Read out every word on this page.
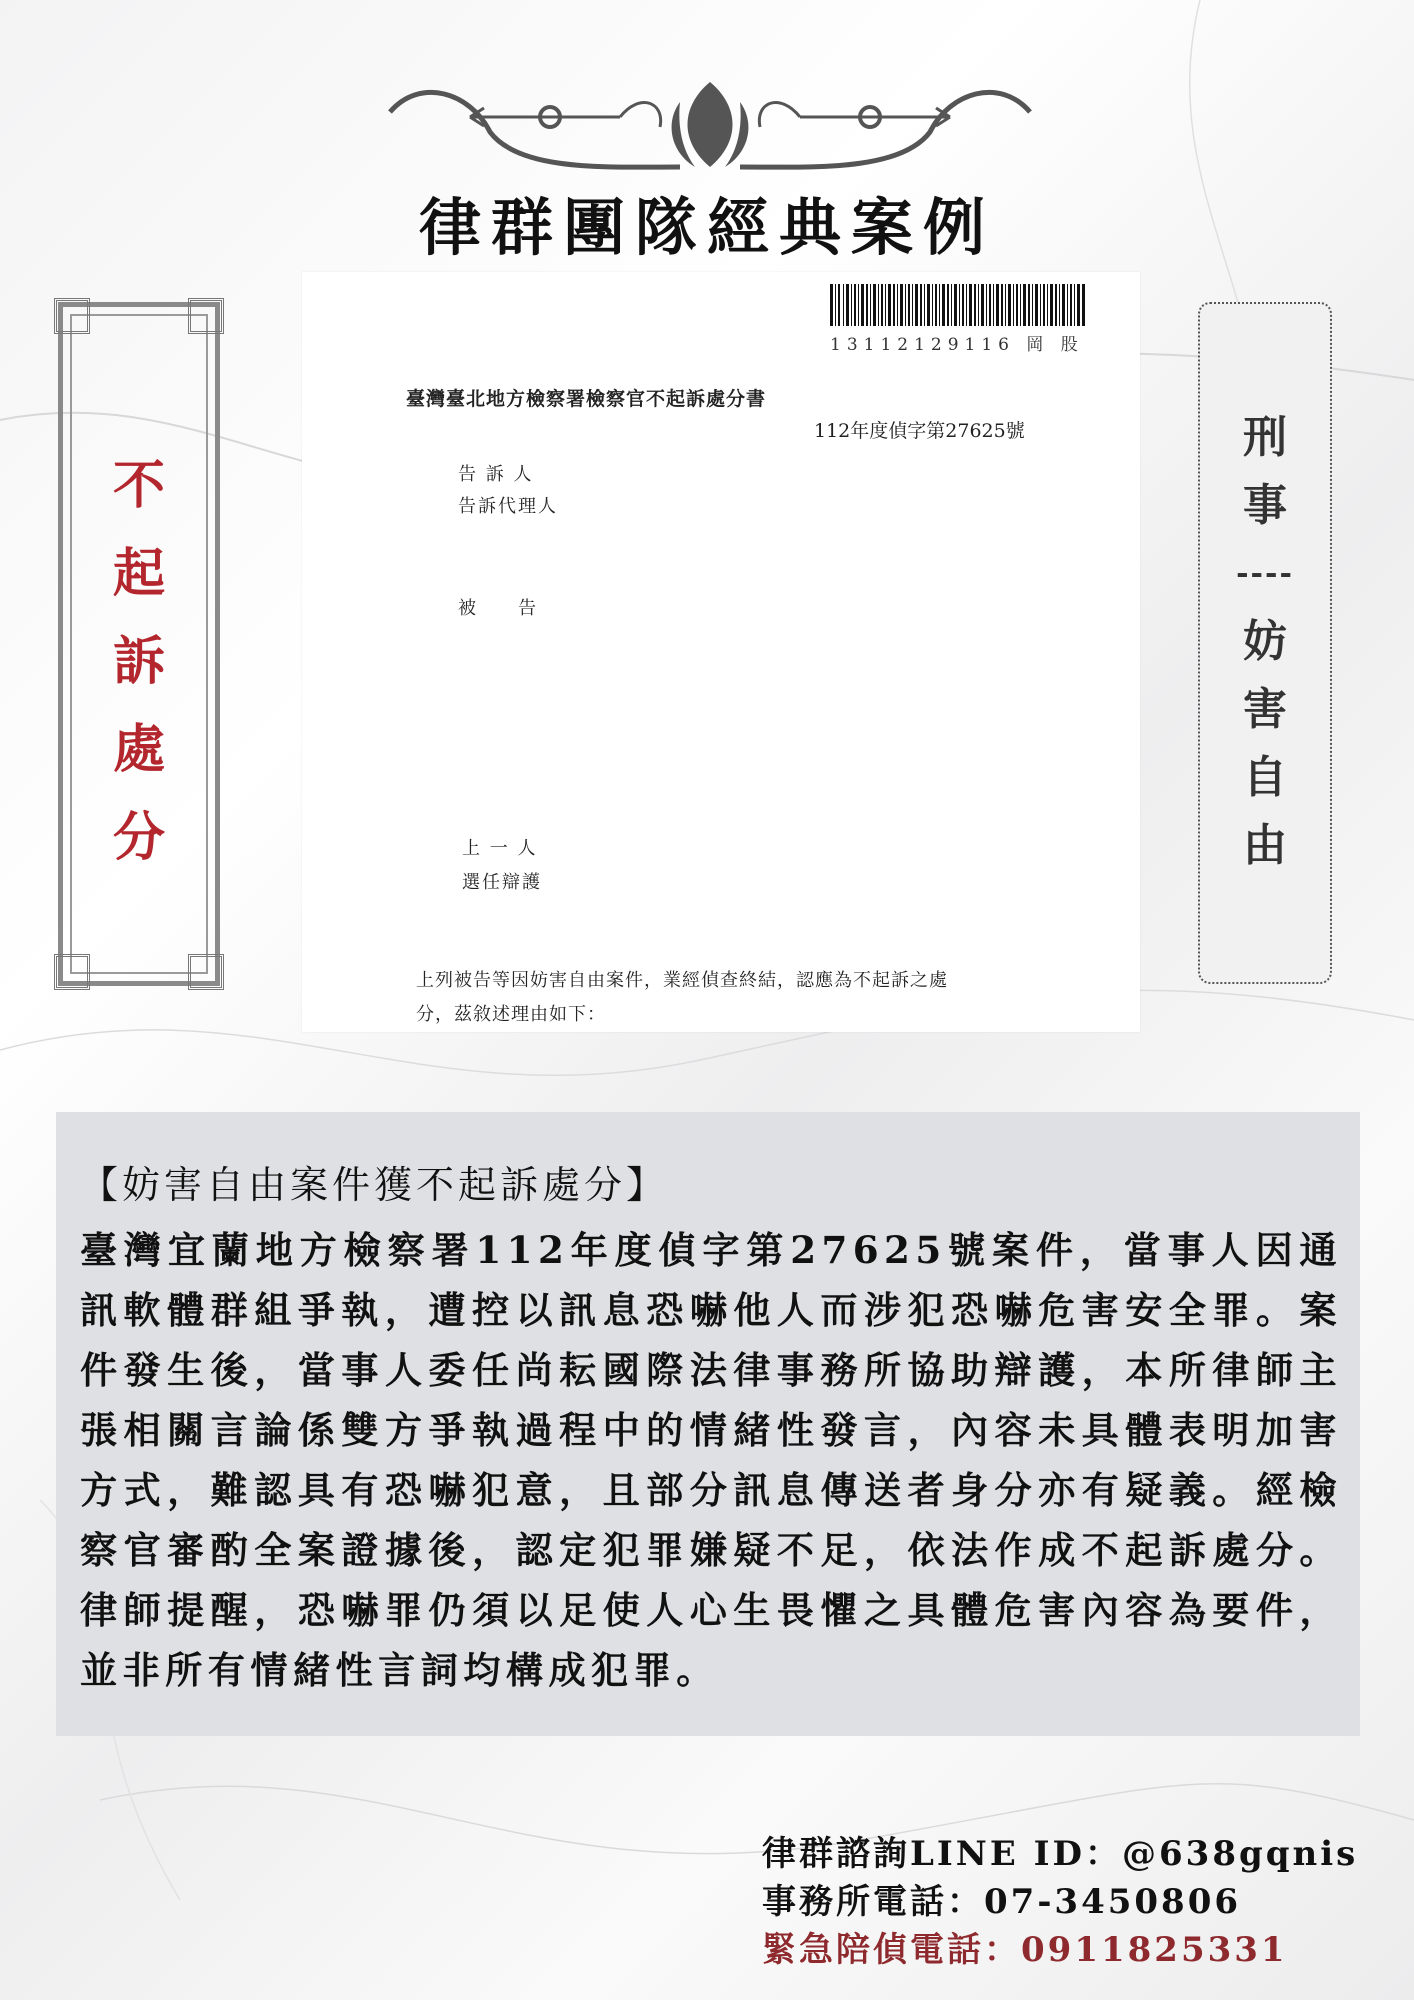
律群團隊經典案例
不
起
訴
處
分
刑
事
----
妨
害
自
由
13112129116 岡 股
臺灣臺北地方檢察署檢察官不起訴處分書
112年度偵字第27625號
告 訴 人
告訴代理人
被　　告
上 一 人
選任辯護
上列被告等因妨害自由案件，業經偵查終結，認應為不起訴之處
分，茲敘述理由如下：
【妨害自由案件獲不起訴處分】
臺灣宜蘭地方檢察署112年度偵字第27625號案件，當事人因通訊軟體群組爭執，遭控以訊息恐嚇他人而涉犯恐嚇危害安全罪。案件發生後，當事人委任尚耘國際法律事務所協助辯護，本所律師主張相關言論係雙方爭執過程中的情緒性發言，內容未具體表明加害方式，難認具有恐嚇犯意，且部分訊息傳送者身分亦有疑義。經檢察官審酌全案證據後，認定犯罪嫌疑不足，依法作成不起訴處分。律師提醒，恐嚇罪仍須以足使人心生畏懼之具體危害內容為要件，並非所有情緒性言詞均構成犯罪。
律群諮詢LINE ID：@638gqnis
事務所電話：07-3450806
緊急陪偵電話：0911825331
